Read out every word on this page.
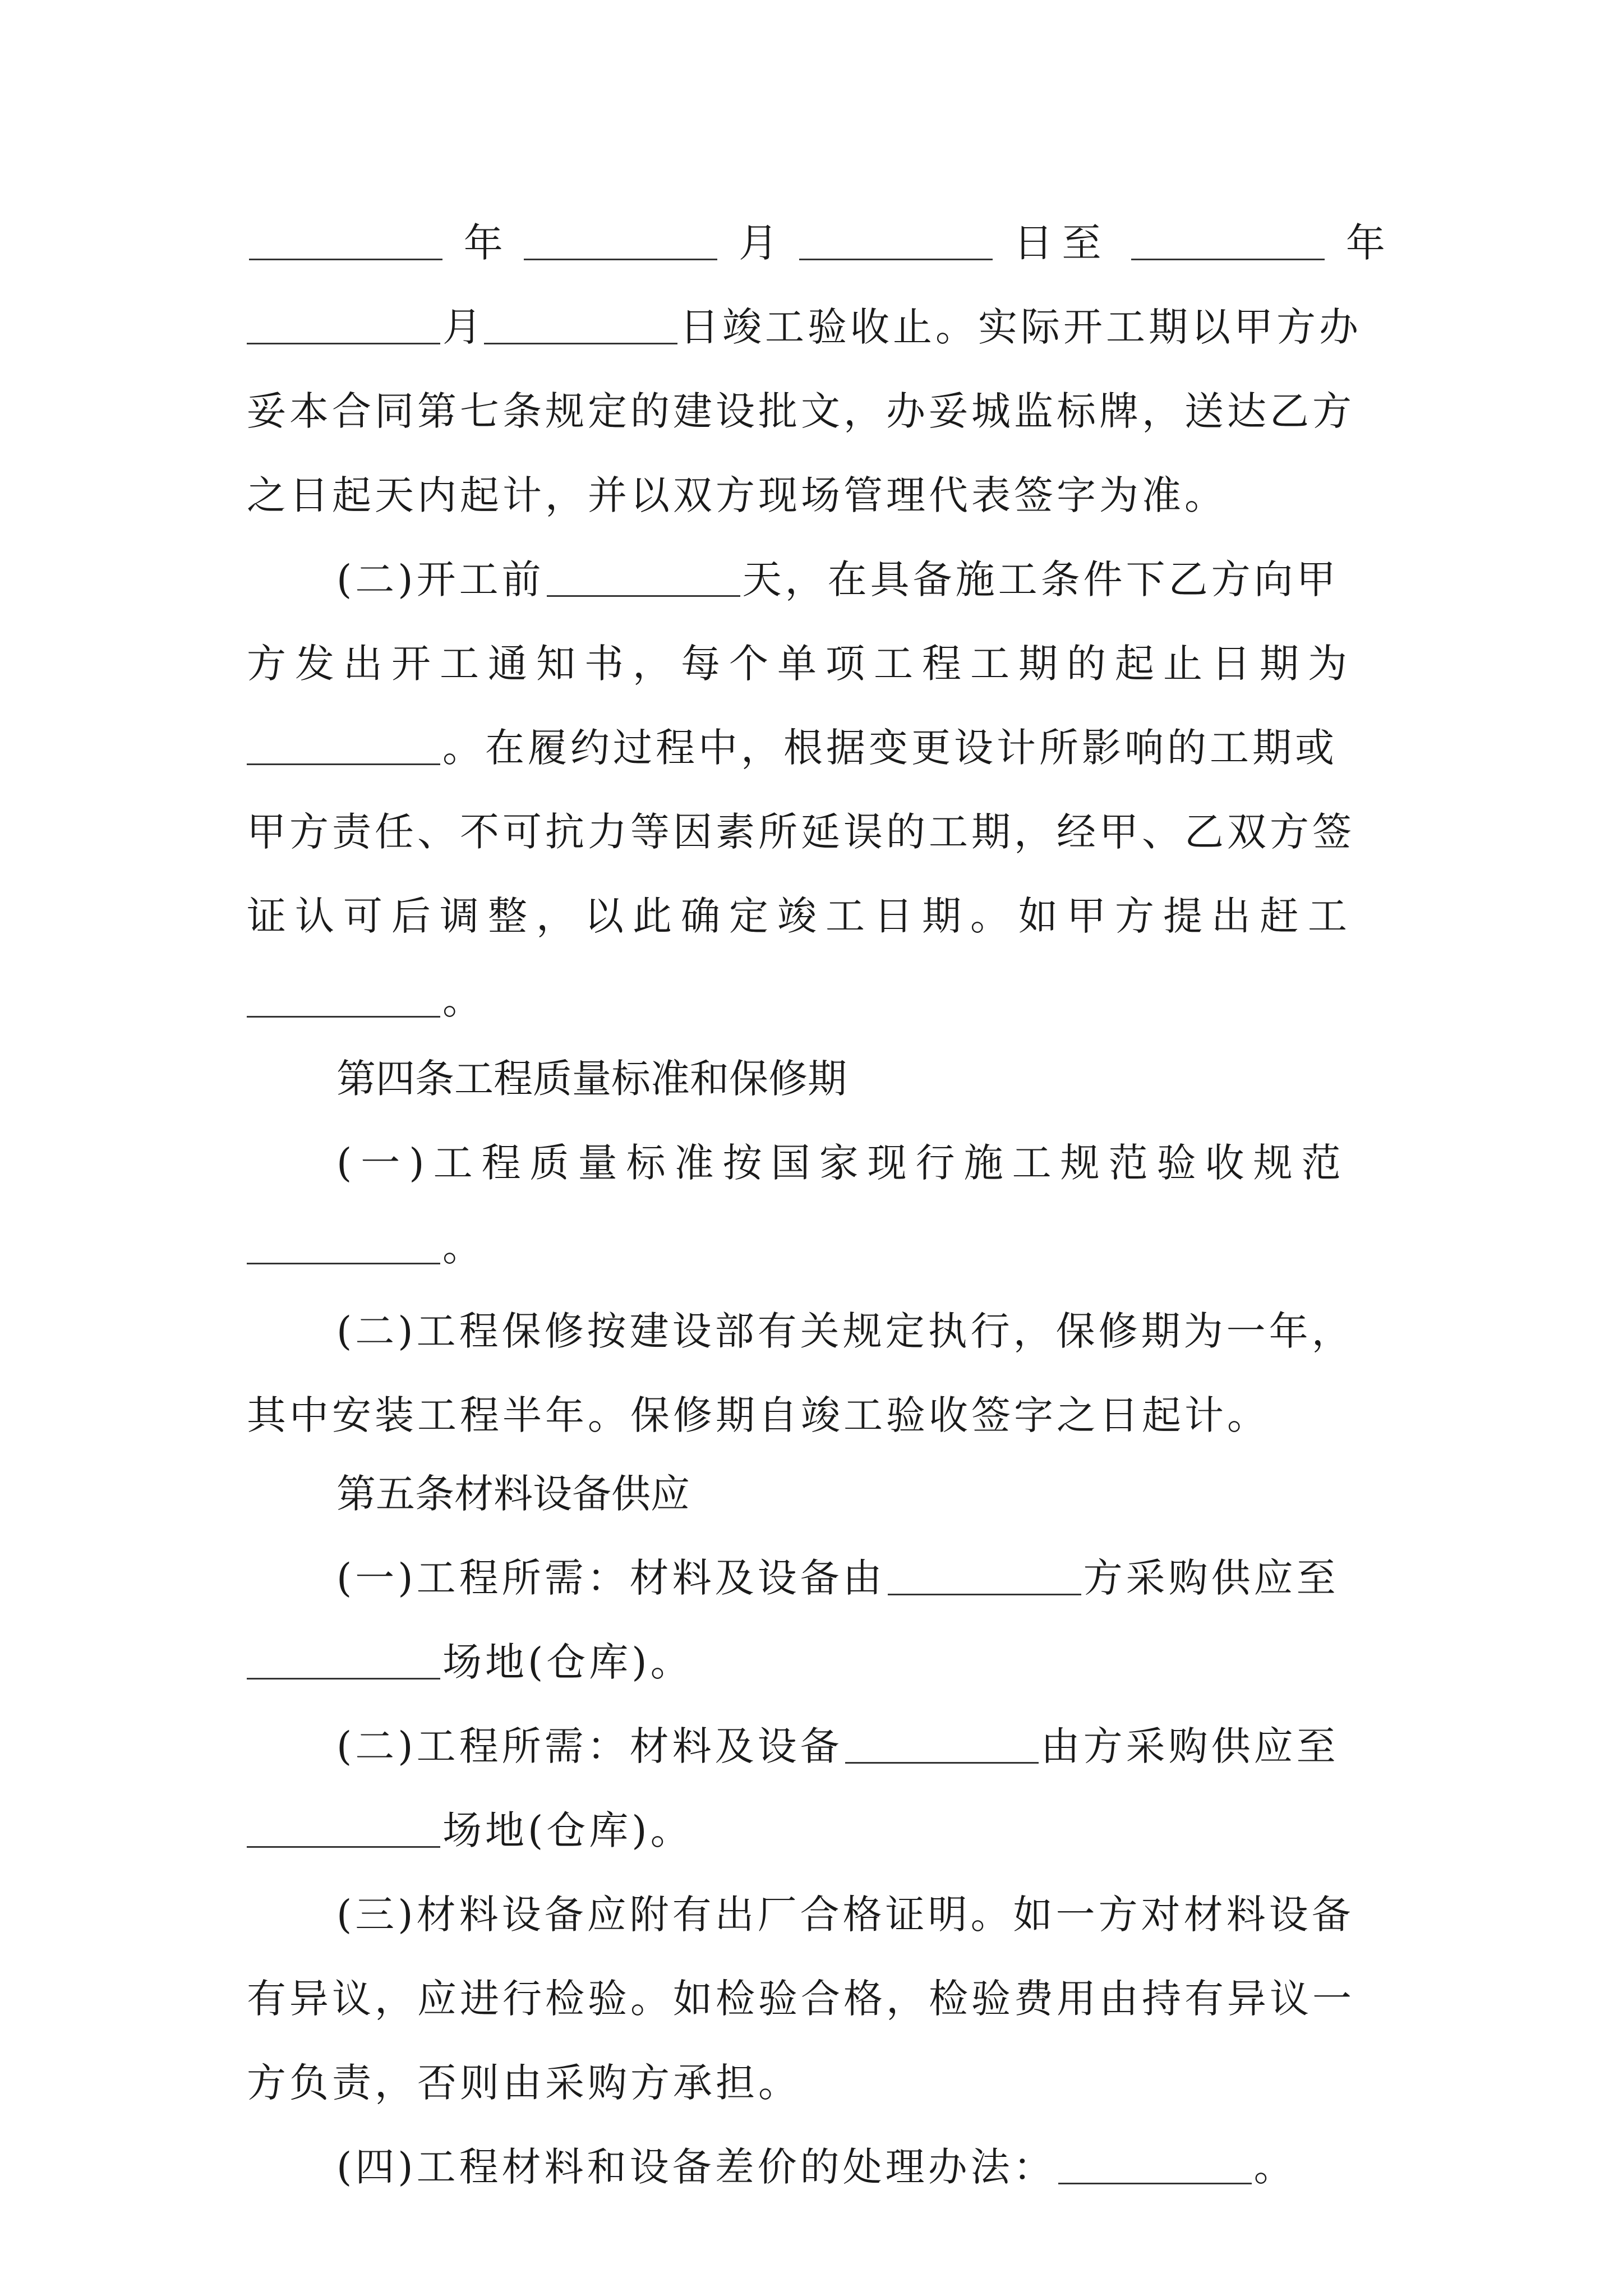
年	月	日至	年
月	日竣工验收止。实际开工期以甲方办
妥本合同第七条规定的建设批文，办妥城监标牌，送达乙方
之日起天内起计，并以双方现场管理代表签字为准。
(二)开工前	天，在具备施工条件下乙方向甲
方发出开工通知书，每个单项工程工期的起止日期为
。在履约过程中，根据变更设计所影响的工期或
甲方责任、不可抗力等因素所延误的工期，经甲、乙双方签
证认可后调整，以此确定竣工日期。如甲方提出赶工
。
第四条工程质量标准和保修期
(一)工程质量标准按国家现行施工规范验收规范
。
(二)工程保修按建设部有关规定执行，保修期为一年，
其中安装工程半年。保修期自竣工验收签字之日起计。
第五条材料设备供应
(一)工程所需：材料及设备由	方采购供应至
场地(仓库)。
(二)工程所需：材料及设备	由方采购供应至
场地(仓库)。
(三)材料设备应附有出厂合格证明。如一方对材料设备
有异议，应进行检验。如检验合格，检验费用由持有异议一
方负责，否则由采购方承担。
(四)工程材料和设备差价的处理办法：	。
